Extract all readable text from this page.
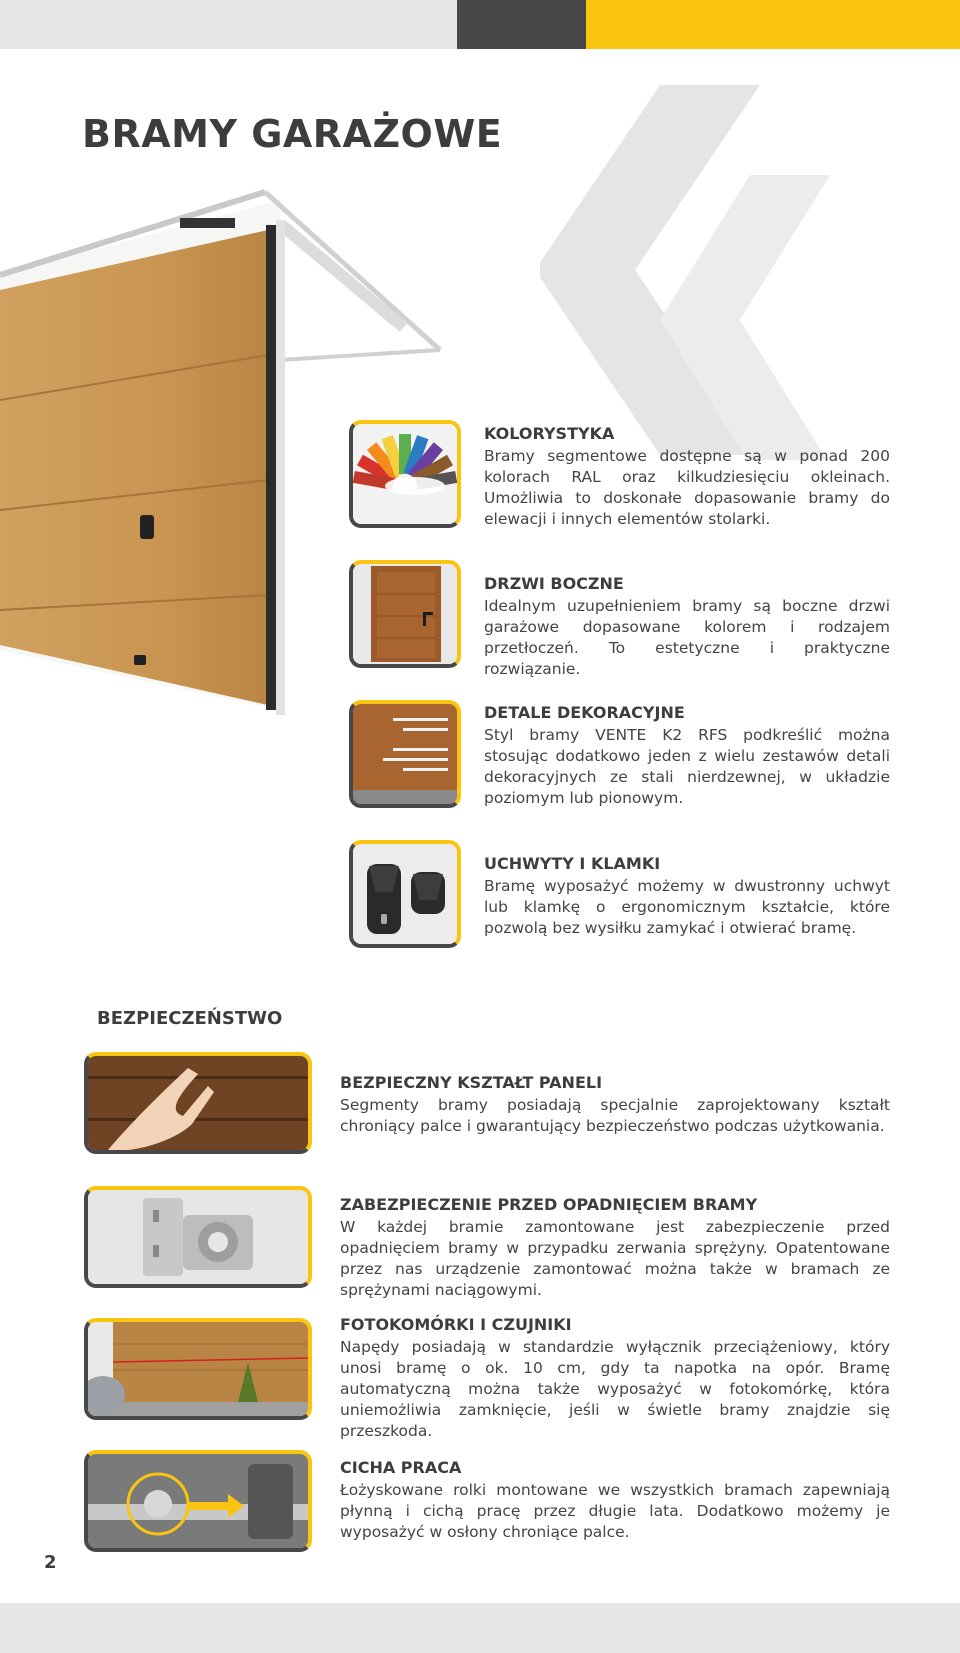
BRAMY GARAŻOWE
KOLORYSTYKA

Bramy segmentowe dostępne są w ponad 200 kolorach RAL oraz kilkudziesięciu okleinach. Umożliwia to doskonałe dopasowanie bramy do elewacji i innych elementów stolarki.

DRZWI BOCZNE

Idealnym uzupełnieniem bramy są boczne drzwi garażowe dopasowane kolorem i rodzajem przetłoczeń. To estetyczne i praktyczne rozwiązanie.

DETALE DEKORACYJNE

Styl bramy VENTE K2 RFS podkreślić można stosując dodatkowo jeden z wielu zestawów detali dekoracyjnych ze stali nierdzewnej, w układzie poziomym lub pionowym.

UCHWYTY I KLAMKI

Bramę wyposażyć możemy w dwustronny uchwyt lub klamkę o ergonomicznym kształcie, które pozwolą bez wysiłku zamykać i otwierać bramę.

BEZPIECZEŃSTWO
BEZPIECZNY KSZTAŁT PANELI

Segmenty bramy posiadają specjalnie zaprojektowany kształt chroniący palce i gwarantujący bezpieczeństwo podczas użytkowania.

ZABEZPIECZENIE PRZED OPADNIĘCIEM BRAMY

W każdej bramie zamontowane jest zabezpieczenie przed opadnięciem bramy w przypadku zerwania sprężyny. Opatentowane przez nas urządzenie zamontować można także w bramach ze sprężynami naciągowymi.

FOTOKOMÓRKI I CZUJNIKI

Napędy posiadają w standardzie wyłącznik przeciążeniowy, który unosi bramę o ok. 10 cm, gdy ta napotka na opór. Bramę automatyczną można także wyposażyć w fotokomórkę, która uniemożliwia zamknięcie, jeśli w świetle bramy znajdzie się przeszkoda.

CICHA PRACA

Łożyskowane rolki montowane we wszystkich bramach zapewniają płynną i cichą pracę przez długie lata. Dodatkowo możemy je wyposażyć w osłony chroniące palce.

2
